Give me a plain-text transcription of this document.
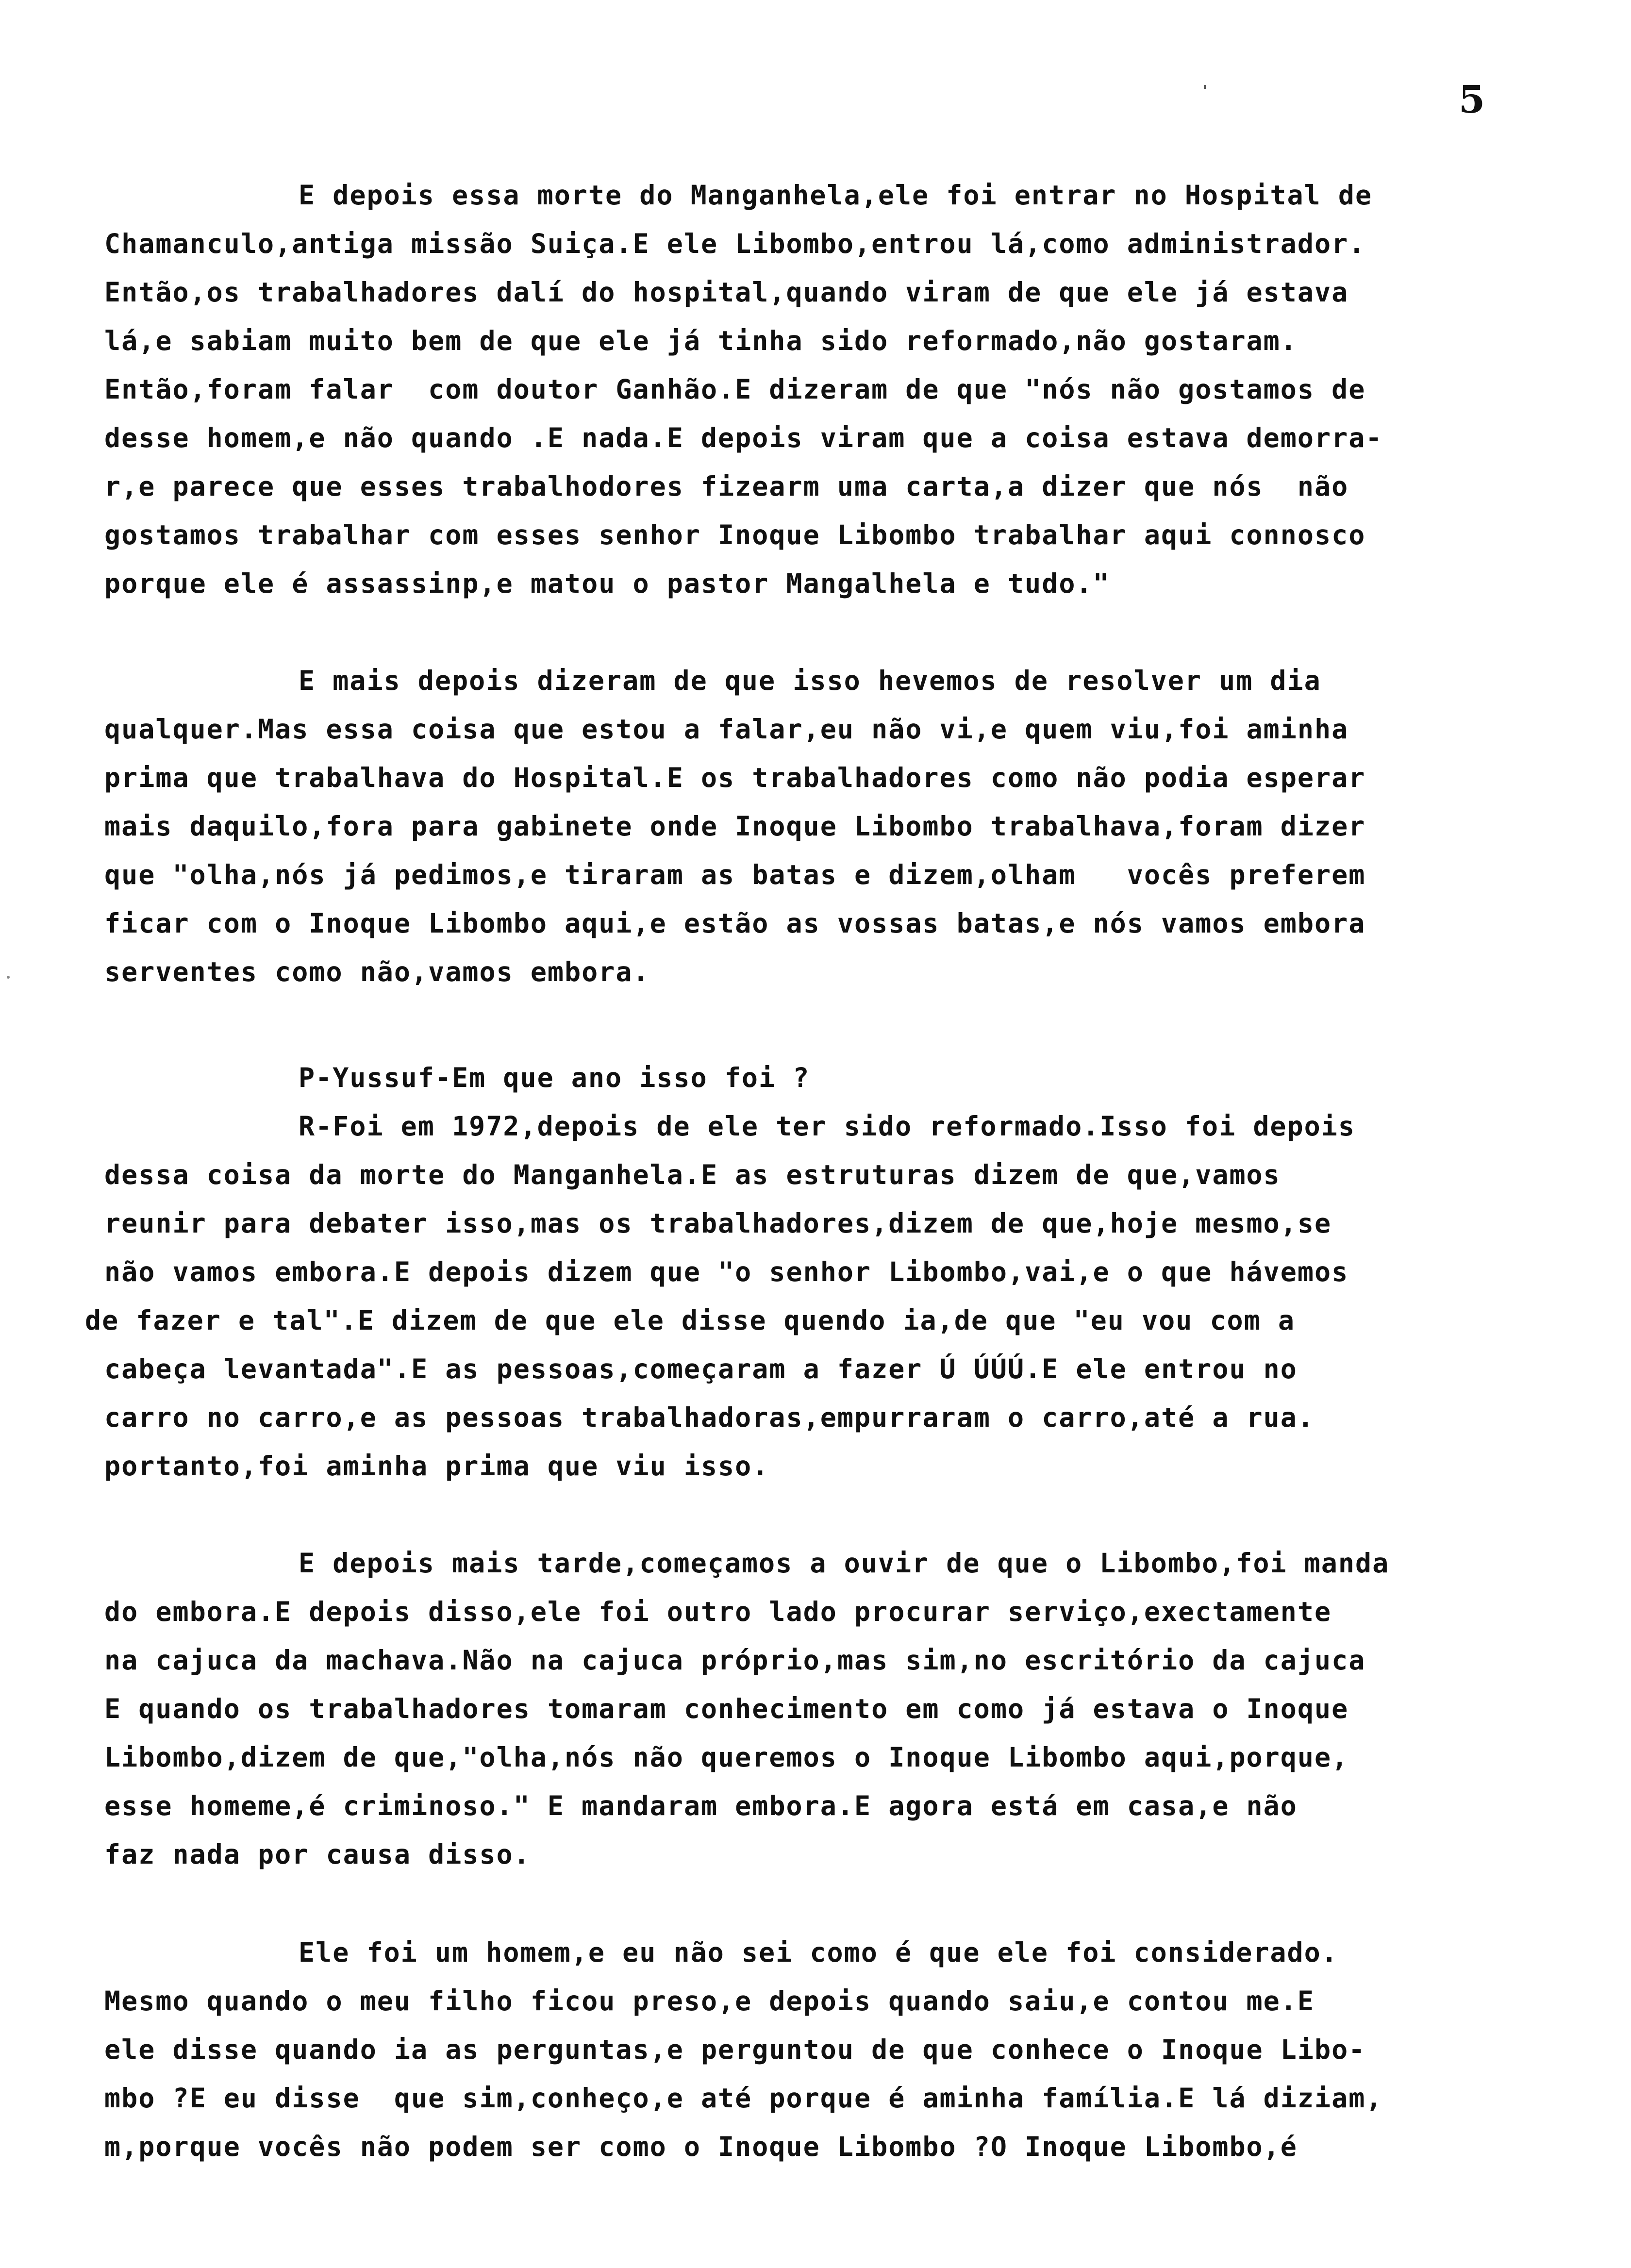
5
E depois essa morte do Manganhela,ele foi entrar no Hospital de
Chamanculo,antiga missão Suiça.E ele Libombo,entrou lá,como administrador.
Então,os trabalhadores dalí do hospital,quando viram de que ele já estava
lá,e sabiam muito bem de que ele já tinha sido reformado,não gostaram.
Então,foram falar  com doutor Ganhão.E dizeram de que "nós não gostamos de
desse homem,e não quando .E nada.E depois viram que a coisa estava demorra-
r,e parece que esses trabalhodores fizearm uma carta,a dizer que nós  não
gostamos trabalhar com esses senhor Inoque Libombo trabalhar aqui connosco
porque ele é assassinp,e matou o pastor Mangalhela e tudo."
E mais depois dizeram de que isso hevemos de resolver um dia
qualquer.Mas essa coisa que estou a falar,eu não vi,e quem viu,foi aminha
prima que trabalhava do Hospital.E os trabalhadores como não podia esperar
mais daquilo,fora para gabinete onde Inoque Libombo trabalhava,foram dizer
que "olha,nós já pedimos,e tiraram as batas e dizem,olham   vocês preferem
ficar com o Inoque Libombo aqui,e estão as vossas batas,e nós vamos embora
serventes como não,vamos embora.
P-Yussuf-Em que ano isso foi ?
R-Foi em 1972,depois de ele ter sido reformado.Isso foi depois
dessa coisa da morte do Manganhela.E as estruturas dizem de que,vamos
reunir para debater isso,mas os trabalhadores,dizem de que,hoje mesmo,se
não vamos embora.E depois dizem que "o senhor Libombo,vai,e o que hávemos
de fazer e tal".E dizem de que ele disse quendo ia,de que "eu vou com a
cabeça levantada".E as pessoas,começaram a fazer Ú ÚÚÚ.E ele entrou no
carro no carro,e as pessoas trabalhadoras,empurraram o carro,até a rua.
portanto,foi aminha prima que viu isso.
E depois mais tarde,começamos a ouvir de que o Libombo,foi manda
do embora.E depois disso,ele foi outro lado procurar serviço,exectamente
na cajuca da machava.Não na cajuca próprio,mas sim,no escritório da cajuca
E quando os trabalhadores tomaram conhecimento em como já estava o Inoque
Libombo,dizem de que,"olha,nós não queremos o Inoque Libombo aqui,porque,
esse homeme,é criminoso." E mandaram embora.E agora está em casa,e não
faz nada por causa disso.
Ele foi um homem,e eu não sei como é que ele foi considerado.
Mesmo quando o meu filho ficou preso,e depois quando saiu,e contou me.E
ele disse quando ia as perguntas,e perguntou de que conhece o Inoque Libo-
mbo ?E eu disse  que sim,conheço,e até porque é aminha família.E lá diziam,
m,porque vocês não podem ser como o Inoque Libombo ?O Inoque Libombo,é
